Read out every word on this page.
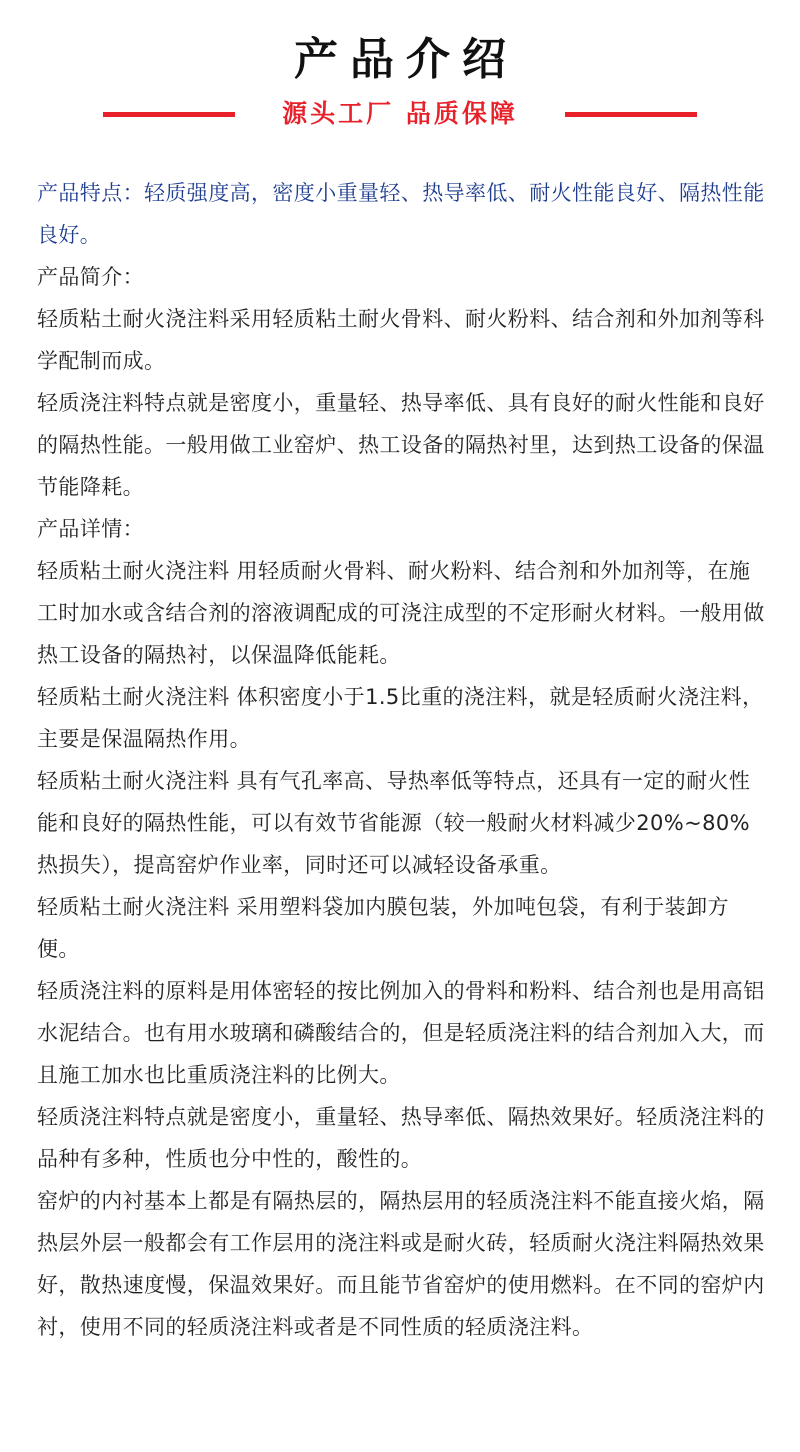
产品介绍
源头工厂 品质保障

产品特点：轻质强度高，密度小重量轻、热导率低、耐火性能良好、隔热性能良好。

产品简介：

轻质粘土耐火浇注料采用轻质粘土耐火骨料、耐火粉料、结合剂和外加剂等科学配制而成。

轻质浇注料特点就是密度小，重量轻、热导率低、具有良好的耐火性能和良好的隔热性能。一般用做工业窑炉、热工设备的隔热衬里，达到热工设备的保温节能降耗。

产品详情：

轻质粘土耐火浇注料 用轻质耐火骨料、耐火粉料、结合剂和外加剂等，在施工时加水或含结合剂的溶液调配成的可浇注成型的不定形耐火材料。一般用做热工设备的隔热衬，以保温降低能耗。

轻质粘土耐火浇注料 体积密度小于1.5比重的浇注料，就是轻质耐火浇注料，主要是保温隔热作用。

轻质粘土耐火浇注料 具有气孔率高、导热率低等特点，还具有一定的耐火性能和良好的隔热性能，可以有效节省能源（较一般耐火材料减少20%~80%热损失），提高窑炉作业率，同时还可以减轻设备承重。

轻质粘土耐火浇注料 采用塑料袋加内膜包装，外加吨包袋，有利于装卸方便。

轻质浇注料的原料是用体密轻的按比例加入的骨料和粉料、结合剂也是用高铝水泥结合。也有用水玻璃和磷酸结合的，但是轻质浇注料的结合剂加入大，而且施工加水也比重质浇注料的比例大。

轻质浇注料特点就是密度小，重量轻、热导率低、隔热效果好。轻质浇注料的品种有多种，性质也分中性的，酸性的。

窑炉的内衬基本上都是有隔热层的，隔热层用的轻质浇注料不能直接火焰，隔热层外层一般都会有工作层用的浇注料或是耐火砖，轻质耐火浇注料隔热效果好，散热速度慢，保温效果好。而且能节省窑炉的使用燃料。在不同的窑炉内衬，使用不同的轻质浇注料或者是不同性质的轻质浇注料。
